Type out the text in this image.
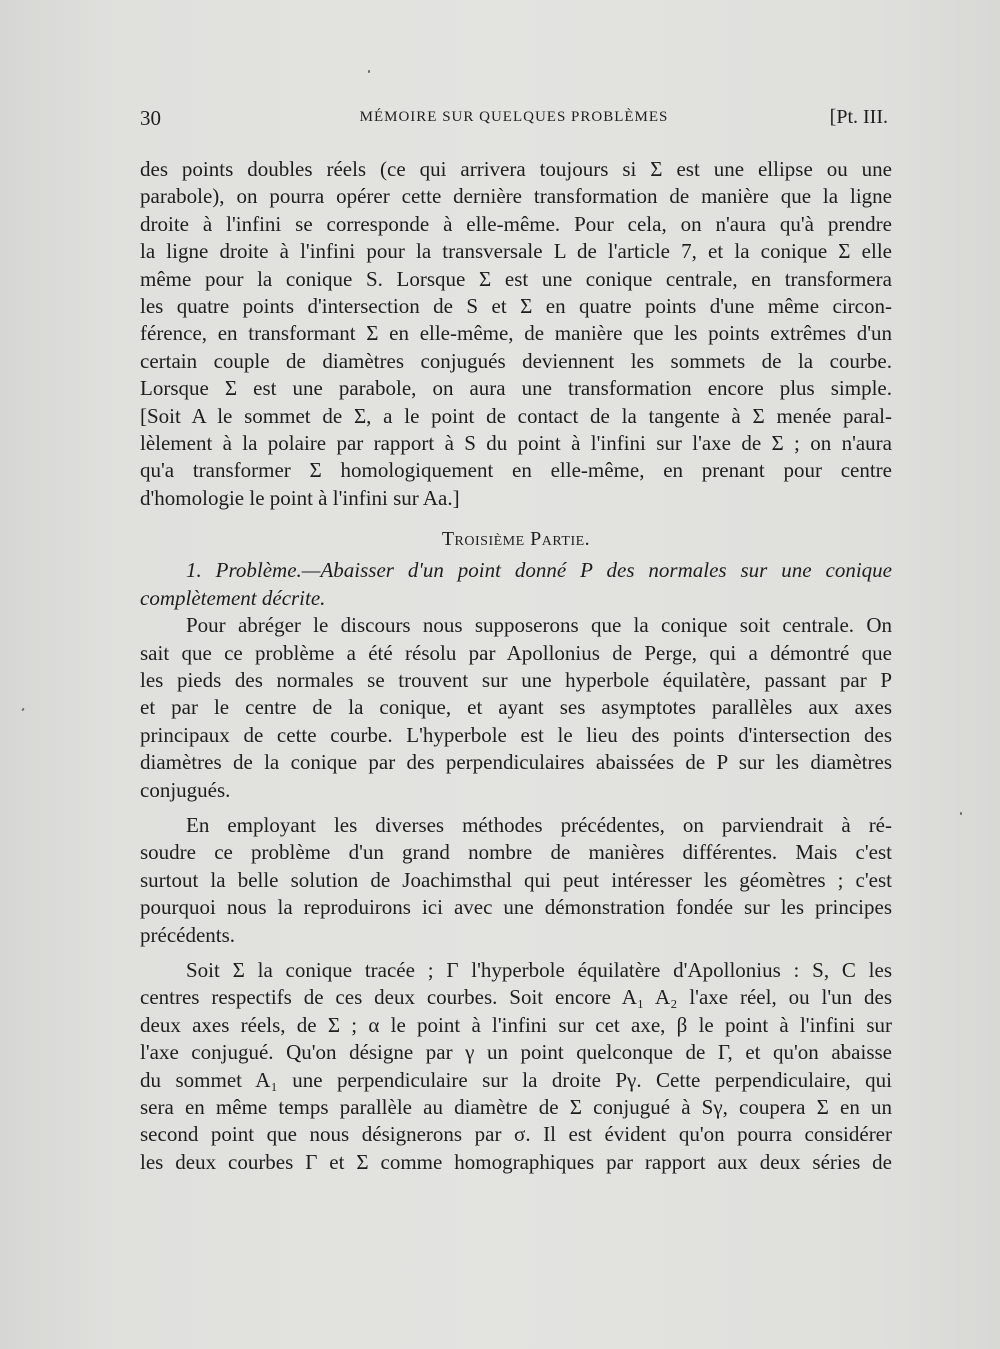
30	MÉMOIRE SUR QUELQUES PROBLÈMES	[Pt. III.
des points doubles réels (ce qui arrivera toujours si Σ est une ellipse ou une
parabole), on pourra opérer cette dernière transformation de manière que la ligne
droite à l'infini se corresponde à elle-même. Pour cela, on n'aura qu'à prendre
la ligne droite à l'infini pour la transversale L de l'article 7, et la conique Σ elle
même pour la conique S. Lorsque Σ est une conique centrale, en transformera
les quatre points d'intersection de S et Σ en quatre points d'une même circon-
férence, en transformant Σ en elle-même, de manière que les points extrêmes d'un
certain couple de diamètres conjugués deviennent les sommets de la courbe.
Lorsque Σ est une parabole, on aura une transformation encore plus simple.
[Soit A le sommet de Σ, a le point de contact de la tangente à Σ menée paral-
lèlement à la polaire par rapport à S du point à l'infini sur l'axe de Σ ; on n'aura
qu'a transformer Σ homologiquement en elle-même, en prenant pour centre
d'homologie le point à l'infini sur Aa.]
Troisième Partie.
1. Problème.—Abaisser d'un point donné P des normales sur une conique
complètement décrite.
Pour abréger le discours nous supposerons que la conique soit centrale. On
sait que ce problème a été résolu par Apollonius de Perge, qui a démontré que
les pieds des normales se trouvent sur une hyperbole équilatère, passant par P
et par le centre de la conique, et ayant ses asymptotes parallèles aux axes
principaux de cette courbe. L'hyperbole est le lieu des points d'intersection des
diamètres de la conique par des perpendiculaires abaissées de P sur les diamètres
conjugués.
En employant les diverses méthodes précédentes, on parviendrait à ré-
soudre ce problème d'un grand nombre de manières différentes. Mais c'est
surtout la belle solution de Joachimsthal qui peut intéresser les géomètres ; c'est
pourquoi nous la reproduirons ici avec une démonstration fondée sur les principes
précédents.
Soit Σ la conique tracée ; Γ l'hyperbole équilatère d'Apollonius : S, C les
centres respectifs de ces deux courbes. Soit encore A₁ A₂ l'axe réel, ou l'un des
deux axes réels, de Σ ; α le point à l'infini sur cet axe, β le point à l'infini sur
l'axe conjugué. Qu'on désigne par γ un point quelconque de Γ, et qu'on abaisse
du sommet A₁ une perpendiculaire sur la droite Pγ. Cette perpendiculaire, qui
sera en même temps parallèle au diamètre de Σ conjugué à Sγ, coupera Σ en un
second point que nous désignerons par σ. Il est évident qu'on pourra considérer
les deux courbes Γ et Σ comme homographiques par rapport aux deux séries de
